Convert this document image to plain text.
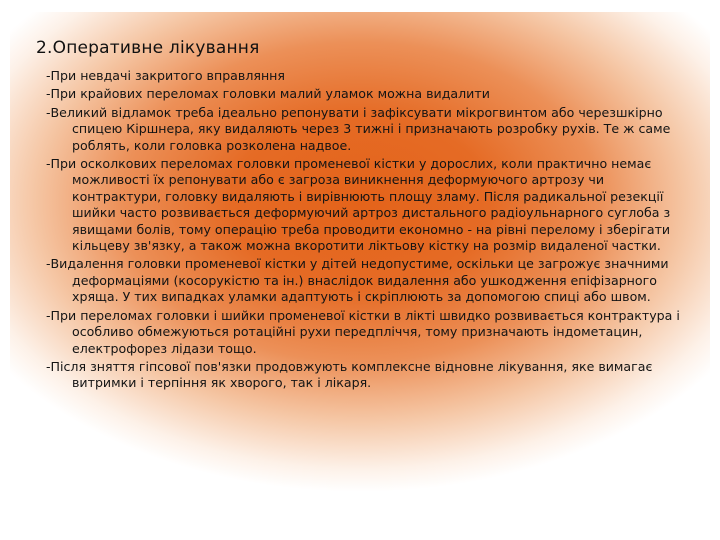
2.Оперативне лікування
-При невдачі закритого вправляння
-При крайових переломах головки малий уламок можна видалити
-Великий відламок треба ідеально репонувати і зафіксувати мікрогвинтом або черезшкірно спицею Кіршнера, яку видаляють через 3 тижні і призначають розробку рухів. Те ж саме роблять, коли головка розколена надвое.
-При осколкових переломах головки променевої кістки у дорослих, коли практично немає можливості їх репонувати або є загроза виникнення деформуючого артрозу чи контрактури, головку видаляють і вирівнюють площу зламу. Після радикальної резекції шийки часто розвивається деформуючий артроз дистального радіоульнарного суглоба з явищами болів, тому операцію треба проводити економно - на рівні перелому і зберігати кільцеву зв'язку, а також можна вкоротити ліктьову кістку на розмір видаленої частки.
-Видалення головки променевої кістки у дітей недопустиме, оскільки це загрожує значними деформаціями (косорукістю та ін.) внаслідок видалення або ушкодження епіфізарного хряща. У тих випадках уламки адаптують і скріплюють за допомогою спиці або швом.
-При переломах головки і шийки променевої кістки в лікті швидко розвивається контрактура і особливо обмежуються ротаційні рухи передпліччя, тому призначають індометацин, електрофорез лідази тощо.
-Після зняття гіпсової пов'язки продовжують комплексне відновне лікування, яке вимагає витримки і терпіння як хворого, так і лікаря.
